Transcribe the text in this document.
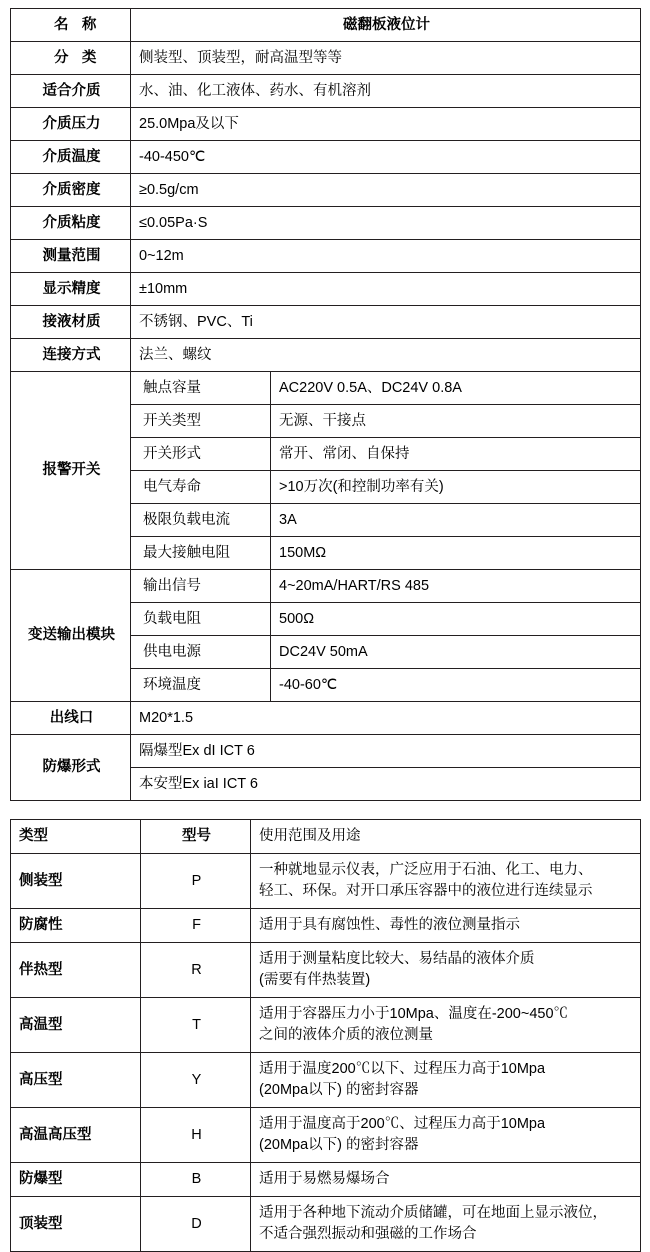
名 称	磁翻板液位计	
分 类	侧装型、顶装型，耐高温型等等	
适合介质	水、油、化工液体、药水、有机溶剂	
介质压力	25.0Mpa及以下	
介质温度	-40-450℃	
介质密度	≥0.5g/cm	
介质粘度	≤0.05Pa·S	
测量范围	0~12m	
显示精度	±10mm	
接液材质	不锈钢、PVC、Ti	
连接方式	法兰、螺纹	
报警开关	触点容量	AC220V 0.5A、DC24V 0.8A
	开关类型	无源、干接点
	开关形式	常开、常闭、自保持
	电气寿命	>10万次(和控制功率有关)
	极限负载电流	3A
	最大接触电阻	150MΩ
变送输出模块	输出信号	4~20mA/HART/RS 485
	负载电阻	500Ω
	供电电源	DC24V 50mA
	环境温度	-40-60℃
出线口	M20*1.5	
防爆形式	隔爆型Ex dI ICT 6	
	本安型Ex iaI ICT 6	
类型	型号	使用范围及用途
侧装型	P	一种就地显示仪表，广泛应用于石油、化工、电力、
轻工、环保。对开口承压容器中的液位进行连续显示

防腐性	F	适用于具有腐蚀性、毒性的液位测量指示

伴热型	R	适用于测量粘度比较大、易结晶的液体介质
(需要有伴热装置)

高温型	T	适用于容器压力小于10Mpa、温度在-200~450℃
之间的液体介质的液位测量

高压型	Y	适用于温度200℃以下、过程压力高于10Mpa
(20Mpa以下) 的密封容器

高温高压型	H	适用于温度高于200℃、过程压力高于10Mpa
(20Mpa以下) 的密封容器

防爆型	B	适用于易燃易爆场合

顶装型	D	适用于各种地下流动介质储罐，可在地面上显示液位，
不适合强烈振动和强磁的工作场合
